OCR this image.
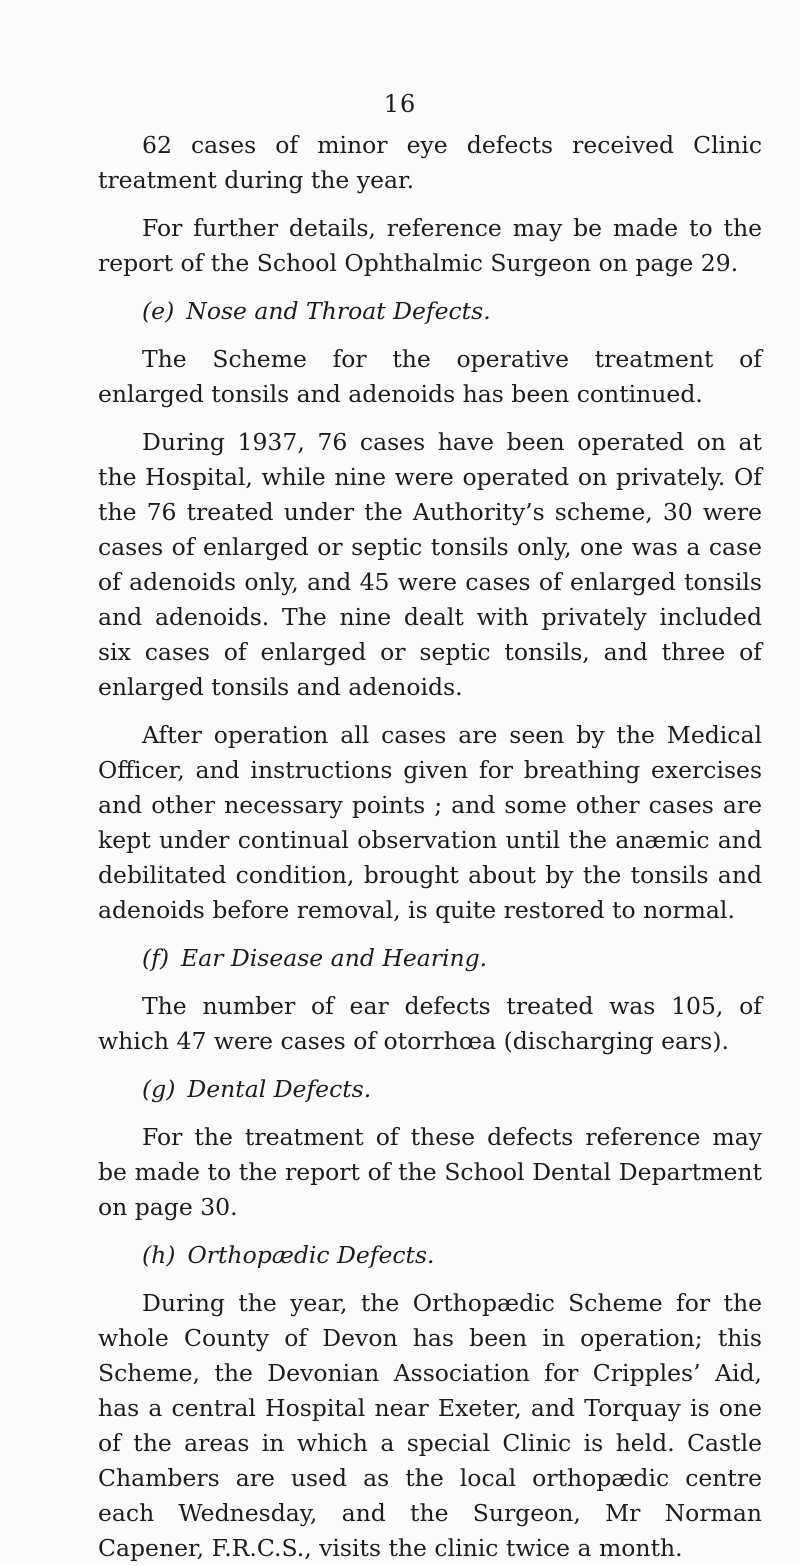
16

62 cases of minor eye defects received Clinic treatment during the year.

For further details, reference may be made to the report of the School Ophthalmic Surgeon on page 29.

(e) Nose and Throat Defects.

The Scheme for the operative treatment of enlarged tonsils and adenoids has been continued.

During 1937, 76 cases have been operated on at the Hospital, while nine were operated on privately. Of the 76 treated under the Authority’s scheme, 30 were cases of enlarged or septic tonsils only, one was a case of adenoids only, and 45 were cases of enlarged tonsils and adenoids. The nine dealt with privately included six cases of enlarged or septic tonsils, and three of enlarged tonsils and adenoids.

After operation all cases are seen by the Medical Officer, and instructions given for breathing exercises and other necessary points ; and some other cases are kept under continual observation until the anæmic and debilitated condition, brought about by the tonsils and adenoids before removal, is quite restored to normal.

(f) Ear Disease and Hearing.

The number of ear defects treated was 105, of which 47 were cases of otorrhœa (discharging ears).

(g) Dental Defects.

For the treatment of these defects reference may be made to the report of the School Dental Department on page 30.

(h) Orthopædic Defects.

During the year, the Orthopædic Scheme for the whole County of Devon has been in operation; this Scheme, the Devonian Association for Cripples’ Aid, has a central Hospital near Exeter, and Torquay is one of the areas in which a special Clinic is held. Castle Chambers are used as the local orthopædic centre each Wednesday, and the Surgeon, Mr Norman Capener, F.R.C.S., visits the clinic twice a month.
